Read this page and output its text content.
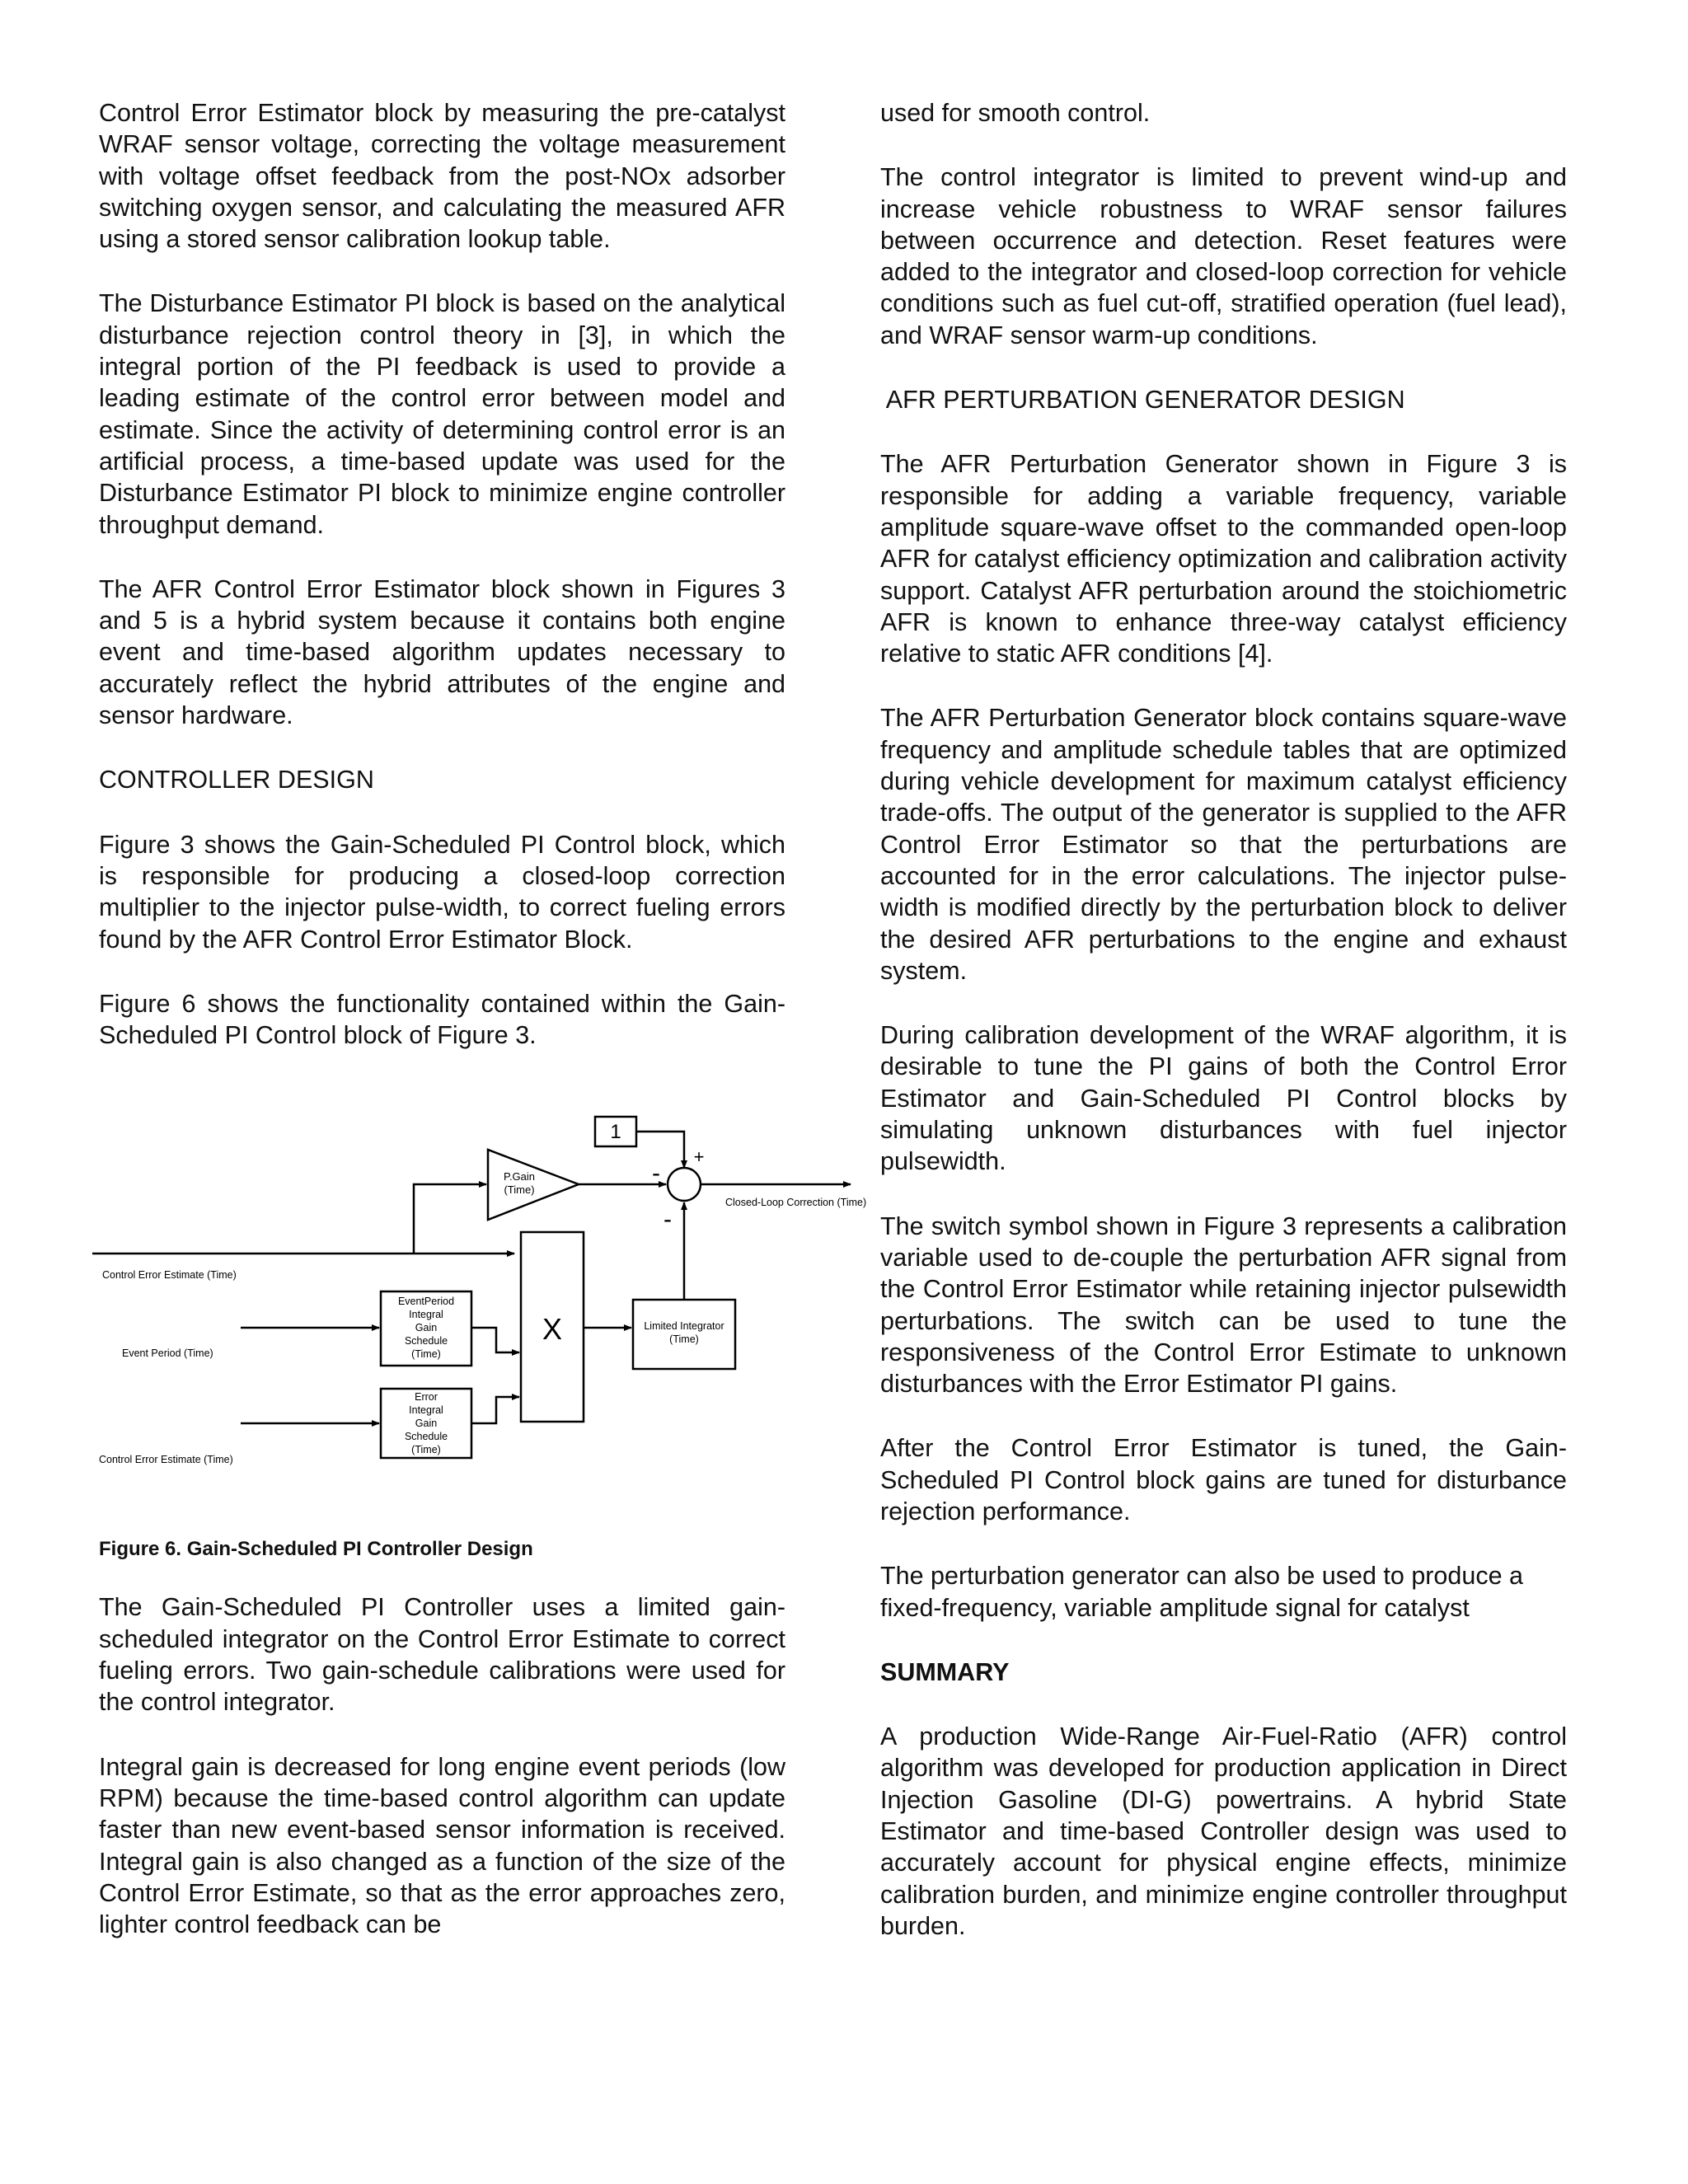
Control Error Estimator block by measuring the pre-catalyst WRAF sensor voltage, correcting the voltage measurement with voltage offset feedback from the post-NOx adsorber switching oxygen sensor, and calculating the measured AFR using a stored sensor calibration lookup table.

The Disturbance Estimator PI block is based on the analytical disturbance rejection control theory in [3], in which the integral portion of the PI feedback is used to provide a leading estimate of the control error between model and estimate. Since the activity of determining control error is an artificial process, a time-based update was used for the Disturbance Estimator PI block to minimize engine controller throughput demand.

The AFR Control Error Estimator block shown in Figures 3 and 5 is a hybrid system because it contains both engine event and time-based algorithm updates necessary to accurately reflect the hybrid attributes of the engine and sensor hardware.

CONTROLLER DESIGN

Figure 3 shows the Gain-Scheduled PI Control block, which is responsible for producing a closed-loop correction multiplier to the injector pulse-width, to correct fueling errors found by the AFR Control Error Estimator Block.

Figure 6 shows the functionality contained within the Gain-Scheduled PI Control block of Figure 3.

1
+
-
-
P.Gain
(Time)
Closed-Loop Correction (Time)
Control Error Estimate (Time)
Event Period (Time)
Control Error Estimate (Time)
X	Limited Integrator
(Time)
EventPeriod
Integral
Gain
Schedule
(Time)
Error
Integral
Gain
Schedule
(Time)

Figure 6. Gain-Scheduled PI Controller Design

The Gain-Scheduled PI Controller uses a limited gain-scheduled integrator on the Control Error Estimate to correct fueling errors. Two gain-schedule calibrations were used for the control integrator.

Integral gain is decreased for long engine event periods (low RPM) because the time-based control algorithm can update faster than new event-based sensor information is received. Integral gain is also changed as a function of the size of the Control Error Estimate, so that as the error approaches zero, lighter control feedback can be

used for smooth control.

The control integrator is limited to prevent wind-up and increase vehicle robustness to WRAF sensor failures between occurrence and detection. Reset features were added to the integrator and closed-loop correction for vehicle conditions such as fuel cut-off, stratified operation (fuel lead), and WRAF sensor warm-up conditions.

AFR PERTURBATION GENERATOR DESIGN

The AFR Perturbation Generator shown in Figure 3 is responsible for adding a variable frequency, variable amplitude square-wave offset to the commanded open-loop AFR for catalyst efficiency optimization and calibration activity support. Catalyst AFR perturbation around the stoichiometric AFR is known to enhance three-way catalyst efficiency relative to static AFR conditions [4].

The AFR Perturbation Generator block contains square-wave frequency and amplitude schedule tables that are optimized during vehicle development for maximum catalyst efficiency trade-offs. The output of the generator is supplied to the AFR Control Error Estimator so that the perturbations are accounted for in the error calculations. The injector pulse-width is modified directly by the perturbation block to deliver the desired AFR perturbations to the engine and exhaust system.

During calibration development of the WRAF algorithm, it is desirable to tune the PI gains of both the Control Error Estimator and Gain-Scheduled PI Control blocks by simulating unknown disturbances with fuel injector pulsewidth.

The switch symbol shown in Figure 3 represents a calibration variable used to de-couple the perturbation AFR signal from the Control Error Estimator while retaining injector pulsewidth perturbations. The switch can be used to tune the responsiveness of the Control Error Estimate to unknown disturbances with the Error Estimator PI gains.

After the Control Error Estimator is tuned, the Gain-Scheduled PI Control block gains are tuned for disturbance rejection performance.

The perturbation generator can also be used to produce a fixed-frequency, variable amplitude signal for catalyst

SUMMARY

A production Wide-Range Air-Fuel-Ratio (AFR) control algorithm was developed for production application in Direct Injection Gasoline (DI-G) powertrains. A hybrid State Estimator and time-based Controller design was used to accurately account for physical engine effects, minimize calibration burden, and minimize engine controller throughput burden.
